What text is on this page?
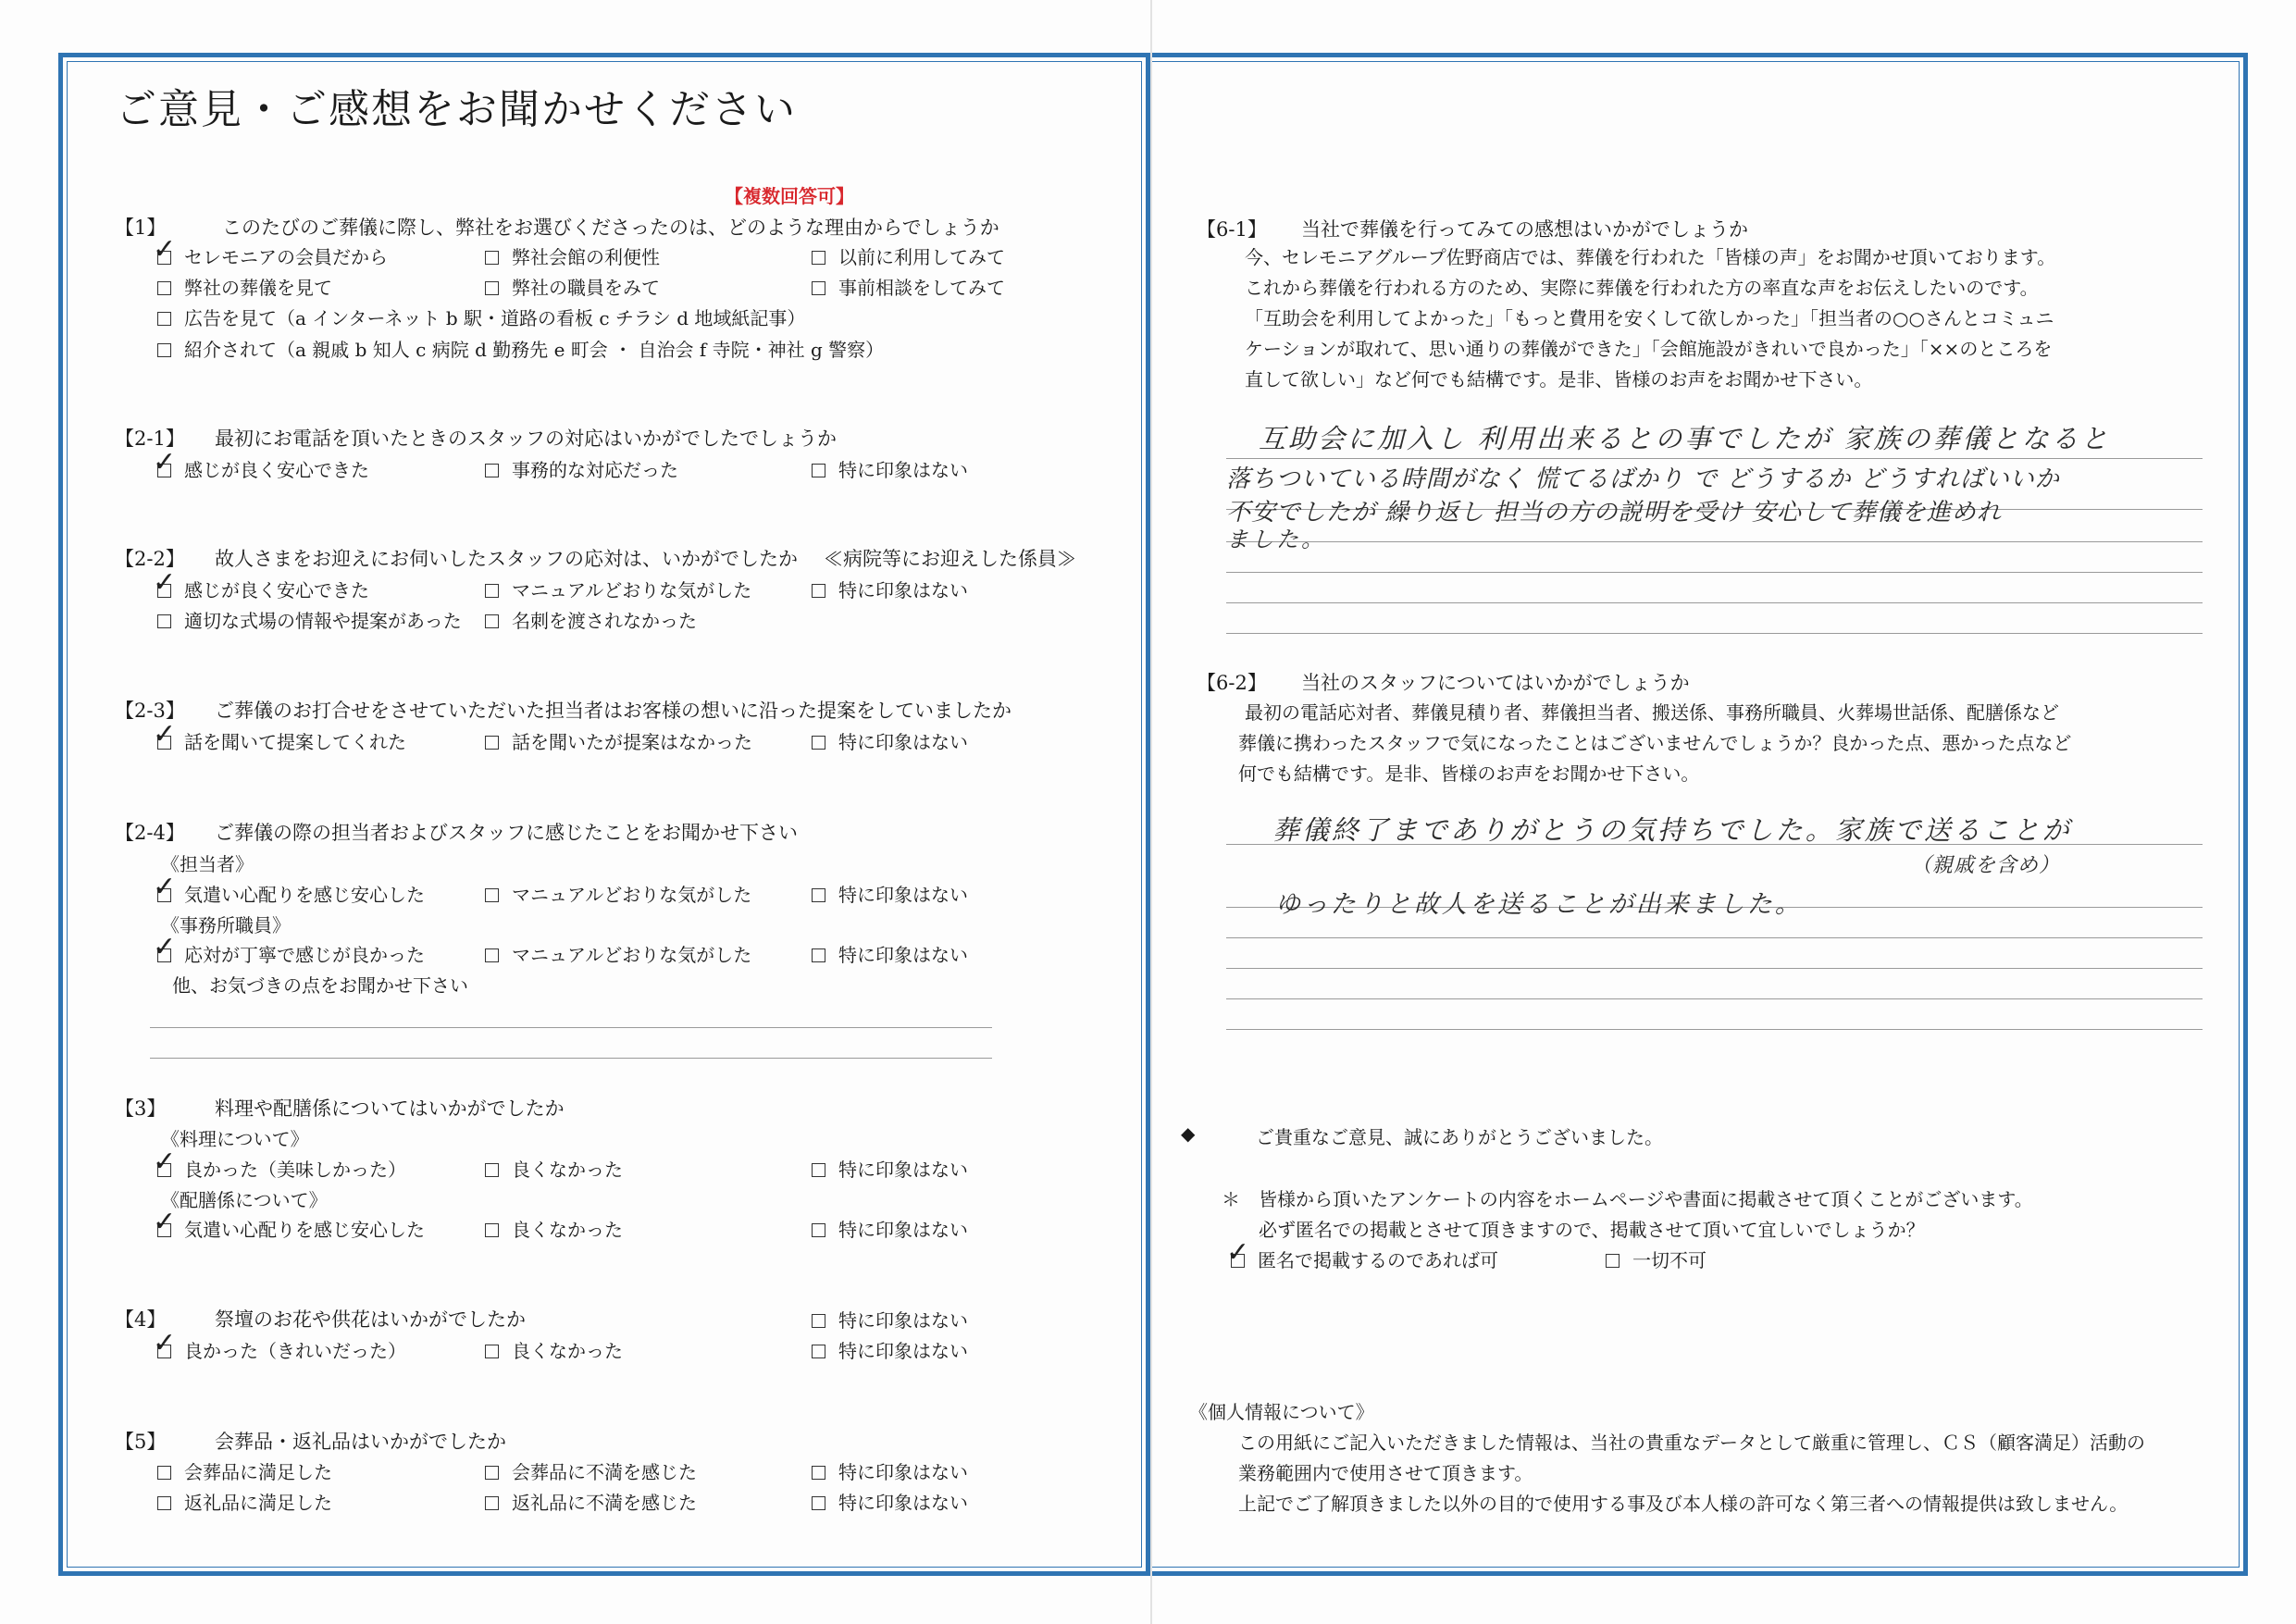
ご意見・ご感想をお聞かせください
【複数回答可】
【1】	このたびのご葬儀に際し、弊社をお選びくださったのは、どのような理由からでしょうか
✓ セレモニアの会員だから	弊社会館の利便性	以前に利用してみて
弊社の葬儀を見て	弊社の職員をみて	事前相談をしてみて
広告を見て（a インターネット b 駅・道路の看板 c チラシ d 地域紙記事）
紹介されて（a 親戚 b 知人 c 病院 d 勤務先 e 町会 ・ 自治会 f 寺院・神社 g 警察）
【2-1】 最初にお電話を頂いたときのスタッフの対応はいかがでしたでしょうか
✓ 感じが良く安心できた	事務的な対応だった	特に印象はない
【2-2】 故人さまをお迎えにお伺いしたスタッフの応対は、いかがでしたか ≪病院等にお迎えした係員≫
✓ 感じが良く安心できた	マニュアルどおりな気がした	特に印象はない
適切な式場の情報や提案があった	名刺を渡されなかった
【2-3】 ご葬儀のお打合せをさせていただいた担当者はお客様の想いに沿った提案をしていましたか
✓ 話を聞いて提案してくれた	話を聞いたが提案はなかった	特に印象はない
【2-4】 ご葬儀の際の担当者およびスタッフに感じたことをお聞かせ下さい
《担当者》
✓ 気遣い心配りを感じ安心した	マニュアルどおりな気がした	特に印象はない
《事務所職員》
✓ 応対が丁寧で感じが良かった	マニュアルどおりな気がした	特に印象はない
他、お気づきの点をお聞かせ下さい
【3】	料理や配膳係についてはいかがでしたか
《料理について》
✓ 良かった（美味しかった）	良くなかった	特に印象はない
《配膳係について》
✓ 気遣い心配りを感じ安心した	良くなかった	特に印象はない
【4】	祭壇のお花や供花はいかがでしたか	特に印象はない
✓ 良かった（きれいだった）	良くなかった	特に印象はない
【5】	会葬品・返礼品はいかがでしたか
会葬品に満足した	会葬品に不満を感じた	特に印象はない
返礼品に満足した	返礼品に不満を感じた	特に印象はない
【6-1】 当社で葬儀を行ってみての感想はいかがでしょうか
今、セレモニアグループ佐野商店では、葬儀を行われた「皆様の声」をお聞かせ頂いております。
これから葬儀を行われる方のため、実際に葬儀を行われた方の率直な声をお伝えしたいのです。
「互助会を利用してよかった」「もっと費用を安くして欲しかった」「担当者の○○さんとコミュニ
ケーションが取れて、思い通りの葬儀ができた」「会館施設がきれいで良かった」「××のところを
直して欲しい」など何でも結構です。是非、皆様のお声をお聞かせ下さい。
互助会に加入し 利用出来るとの事でしたが 家族の葬儀となると
落ちついている時間がなく 慌てるばかり で どうするか どうすればいいか
不安でしたが 繰り返し 担当の方の説明を受け 安心して葬儀を進めれ
ました。
【6-2】 当社のスタッフについてはいかがでしょうか
最初の電話応対者、葬儀見積り者、葬儀担当者、搬送係、事務所職員、火葬場世話係、配膳係など
葬儀に携わったスタッフで気になったことはございませんでしょうか？良かった点、悪かった点など
何でも結構です。是非、皆様のお声をお聞かせ下さい。
葬儀終了までありがとうの気持ちでした。家族で送ることが
（親戚を含め）
ゆったりと故人を送ることが出来ました。
◆	ご貴重なご意見、誠にありがとうございました。
＊ 皆様から頂いたアンケートの内容をホームページや書面に掲載させて頂くことがございます。
必ず匿名での掲載とさせて頂きますので、掲載させて頂いて宜しいでしょうか？
✓ 匿名で掲載するのであれば可	一切不可
《個人情報について》
この用紙にご記入いただきました情報は、当社の貴重なデータとして厳重に管理し、ＣＳ（顧客満足）活動の
業務範囲内で使用させて頂きます。
上記でご了解頂きました以外の目的で使用する事及び本人様の許可なく第三者への情報提供は致しません。
